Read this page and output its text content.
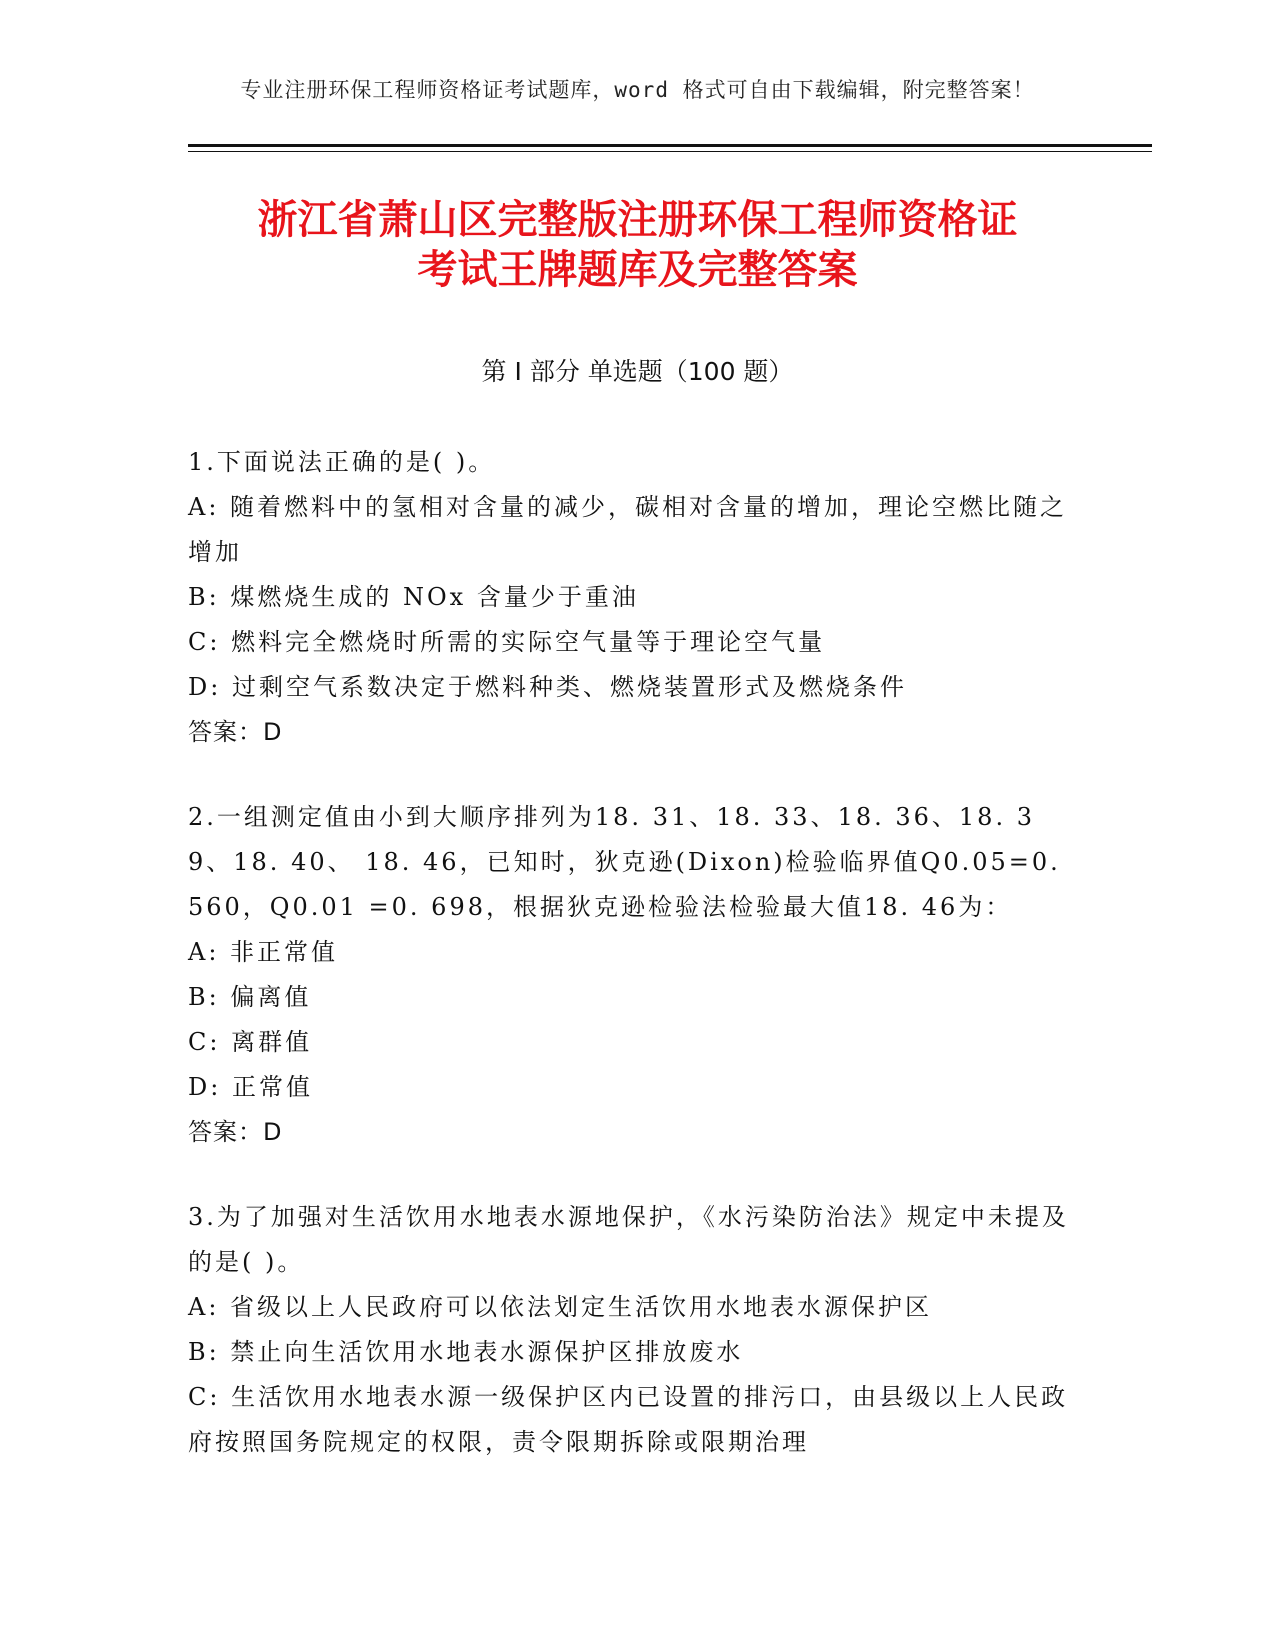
专业注册环保工程师资格证考试题库，word 格式可自由下载编辑，附完整答案！
浙江省萧山区完整版注册环保工程师资格证
考试王牌题库及完整答案
第 I 部分 单选题（100 题）
1.下面说法正确的是( )。
A: 随着燃料中的氢相对含量的减少，碳相对含量的增加，理论空燃比随之增加
B: 煤燃烧生成的 NOx 含量少于重油
C: 燃料完全燃烧时所需的实际空气量等于理论空气量
D: 过剩空气系数决定于燃料种类、燃烧装置形式及燃烧条件
答案：D
2.一组测定值由小到大顺序排列为18. 31、18. 33、18. 36、18. 39、18. 40、 18. 46，已知时，狄克逊(Dixon)检验临界值Q0.05=0. 560，Q0.01 =0. 698，根据狄克逊检验法检验最大值18. 46为：
A: 非正常值
B: 偏离值
C: 离群值
D: 正常值
答案：D
3.为了加强对生活饮用水地表水源地保护，《水污染防治法》规定中未提及的是( )。
A: 省级以上人民政府可以依法划定生活饮用水地表水源保护区
B: 禁止向生活饮用水地表水源保护区排放废水
C: 生活饮用水地表水源一级保护区内已设置的排污口，由县级以上人民政府按照国务院规定的权限，责令限期拆除或限期治理
